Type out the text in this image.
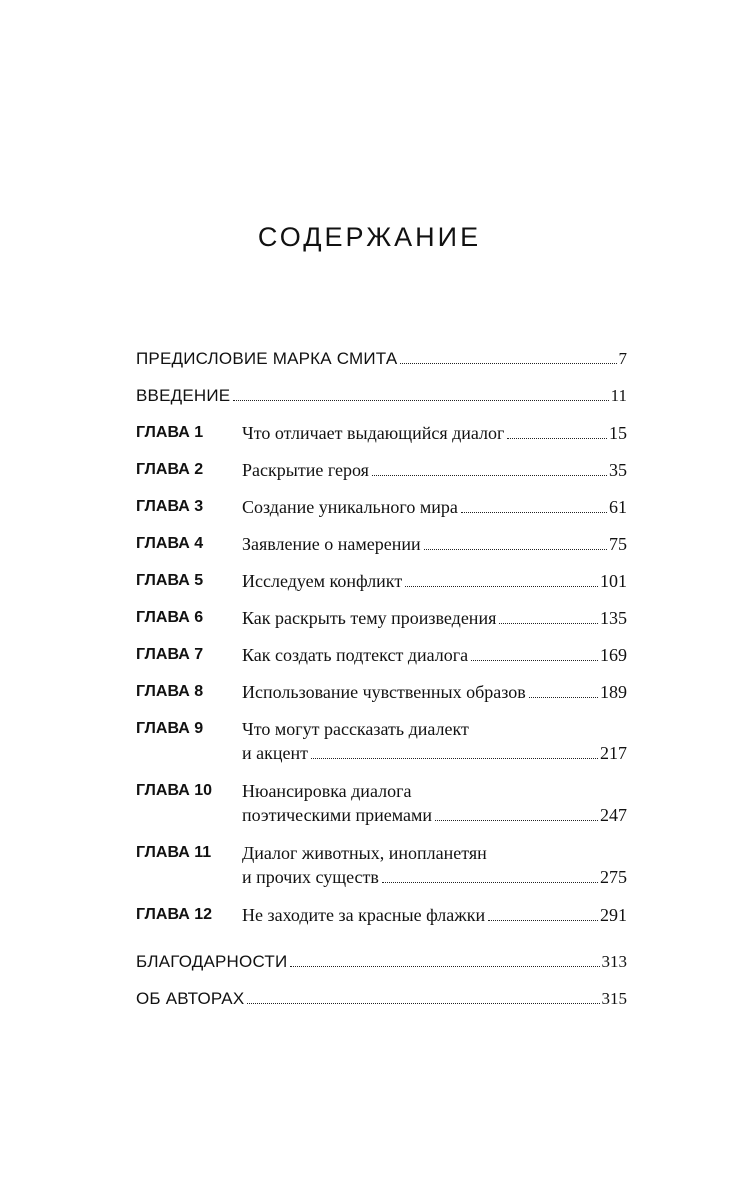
СОДЕРЖАНИЕ
ПРЕДИСЛОВИЕ МАРКА СМИТА	7
ВВЕДЕНИЕ	11
ГЛАВА 1	Что отличает выдающийся диалог	15
ГЛАВА 2	Раскрытие героя	35
ГЛАВА 3	Создание уникального мира	61
ГЛАВА 4	Заявление о намерении	75
ГЛАВА 5	Исследуем конфликт	101
ГЛАВА 6	Как раскрыть тему произведения	135
ГЛАВА 7	Как создать подтекст диалога	169
ГЛАВА 8	Использование чувственных образов	189
ГЛАВА 9	Что могут рассказать диалект
и акцент	217
ГЛАВА 10	Нюансировка диалога
поэтическими приемами	247
ГЛАВА 11	Диалог животных, инопланетян
и прочих существ	275
ГЛАВА 12	Не заходите за красные флажки	291
БЛАГОДАРНОСТИ	313
ОБ АВТОРАХ	315
